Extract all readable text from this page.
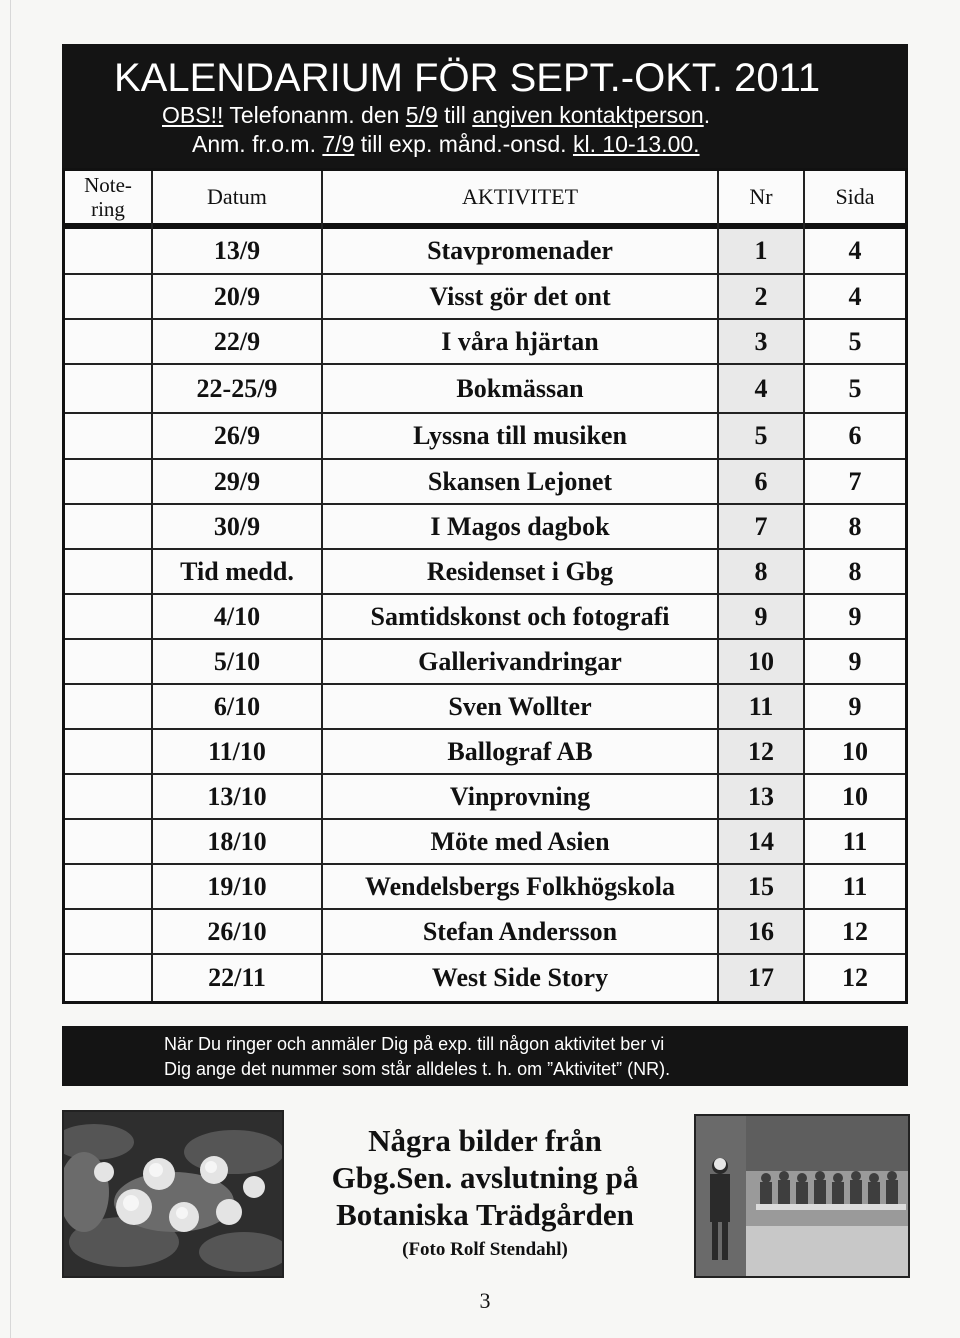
KALENDARIUM FÖR SEPT.-OKT. 2011
OBS!! Telefonanm. den 5/9 till angiven kontaktperson.
Anm. fr.o.m. 7/9 till exp. månd.-onsd. kl. 10-13.00.
Note-
ring	Datum	AKTIVITET	Nr	Sida
13/9	Stavpromenader	1	4
20/9	Visst gör det ont	2	4
22/9	I våra hjärtan	3	5
22-25/9	Bokmässan	4	5
26/9	Lyssna till musiken	5	6
29/9	Skansen Lejonet	6	7
30/9	I Magos dagbok	7	8
Tid medd.	Residenset i Gbg	8	8
4/10	Samtidskonst och fotografi	9	9
5/10	Gallerivandringar	10	9
6/10	Sven Wollter	11	9
11/10	Ballograf AB	12	10
13/10	Vinprovning	13	10
18/10	Möte med Asien	14	11
19/10	Wendelsbergs Folkhögskola	15	11
26/10	Stefan Andersson	16	12
22/11	West Side Story	17	12
När Du ringer och anmäler Dig på exp. till någon aktivitet ber vi
Dig ange det nummer som står alldeles t. h. om ”Aktivitet” (NR).
Några bilder från
Gbg.Sen. avslutning på
Botaniska Trädgården
(Foto Rolf Stendahl)
3
